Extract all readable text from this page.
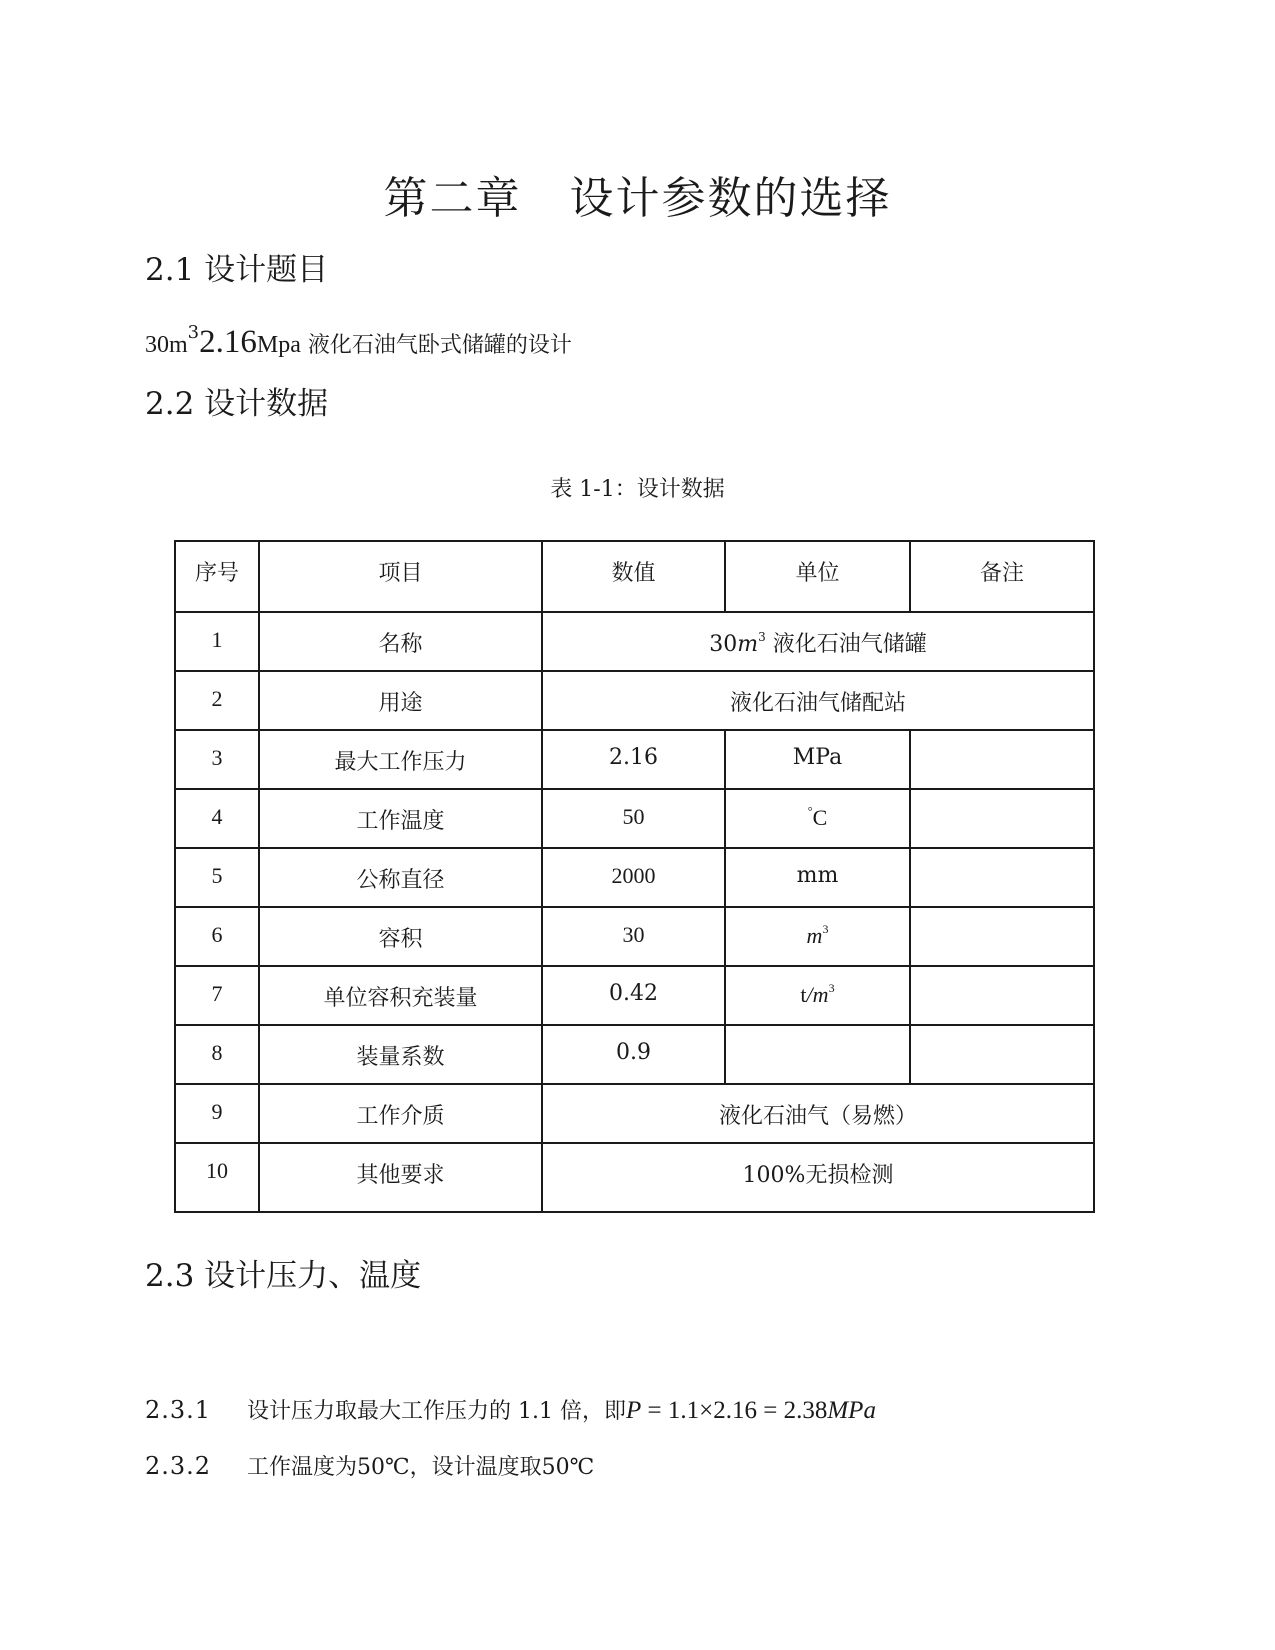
第二章 设计参数的选择
2.1 设计题目
$30m^32.16Mpa$ 液化石油气卧式储罐的设计
2.2 设计数据
表 1-1：设计数据
序号	项目	数值	单位	备注
1	名称	$30m^3$ 液化石油气储罐		
2	用途	液化石油气储配站		
3	最大工作压力	2.16	MPa	
4	工作温度	50	°C	
5	公称直径	2000	mm	
6	容积	30	$m^3$	
7	单位容积充装量	0.42	$t/m^3$	
8	装量系数	0.9		
9	工作介质	液化石油气（易燃）		
10	其他要求	100%无损检测		
2.3 设计压力、温度
2.3.1 设计压力取最大工作压力的 1.1 倍，即P = 1.1×2.16 = 2.38MPa
2.3.2 工作温度为50℃，设计温度取50℃
